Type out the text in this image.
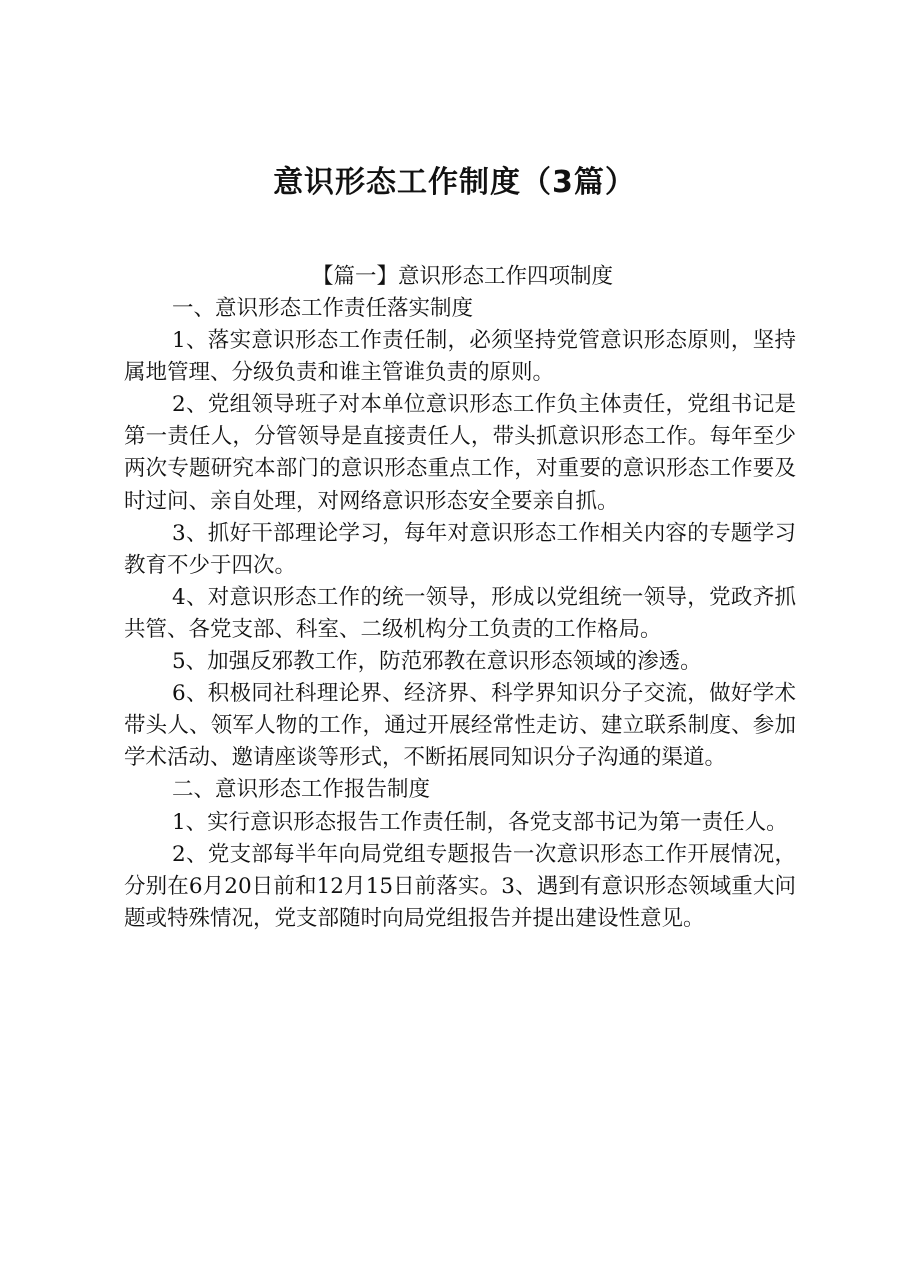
意识形态工作制度（3篇）
【篇一】意识形态工作四项制度

一、意识形态工作责任落实制度

1、落实意识形态工作责任制，必须坚持党管意识形态原则，坚持属地管理、分级负责和谁主管谁负责的原则。

2、党组领导班子对本单位意识形态工作负主体责任，党组书记是第一责任人，分管领导是直接责任人，带头抓意识形态工作。每年至少两次专题研究本部门的意识形态重点工作，对重要的意识形态工作要及时过问、亲自处理，对网络意识形态安全要亲自抓。

3、抓好干部理论学习，每年对意识形态工作相关内容的专题学习教育不少于四次。

4、对意识形态工作的统一领导，形成以党组统一领导，党政齐抓共管、各党支部、科室、二级机构分工负责的工作格局。

5、加强反邪教工作，防范邪教在意识形态领域的渗透。

6、积极同社科理论界、经济界、科学界知识分子交流，做好学术带头人、领军人物的工作，通过开展经常性走访、建立联系制度、参加学术活动、邀请座谈等形式，不断拓展同知识分子沟通的渠道。

二、意识形态工作报告制度

1、实行意识形态报告工作责任制，各党支部书记为第一责任人。

2、党支部每半年向局党组专题报告一次意识形态工作开展情况，分别在6月20日前和12月15日前落实。3、遇到有意识形态领域重大问题或特殊情况，党支部随时向局党组报告并提出建设性意见。
